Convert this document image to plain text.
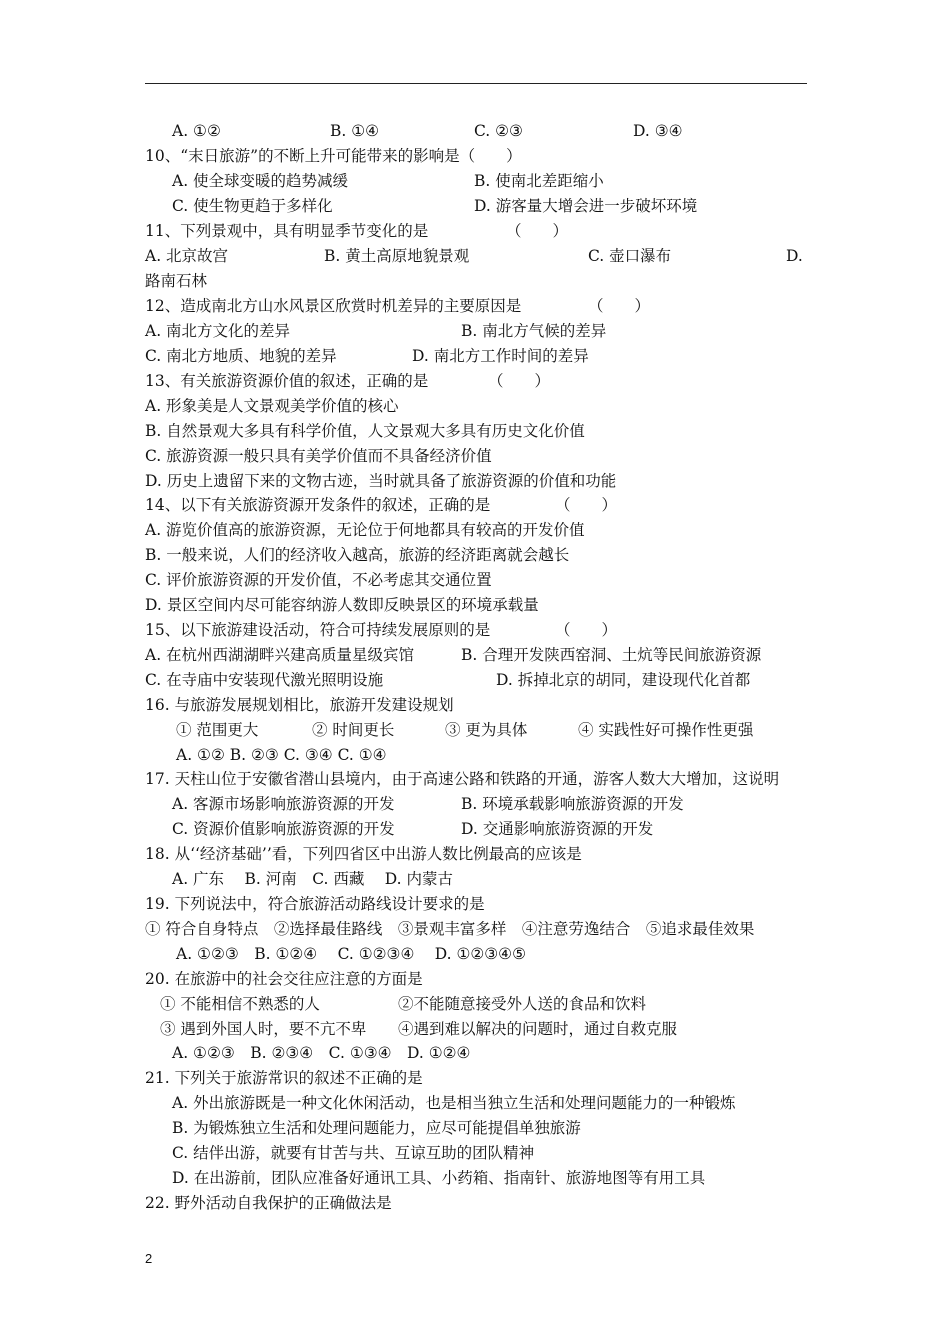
A. ①②	B. ①④	C. ②③	D. ③④
10、“末日旅游”的不断上升可能带来的影响是（　　）
A. 使全球变暖的趋势减缓	B. 使南北差距缩小
C. 使生物更趋于多样化	D. 游客量大增会进一步破坏环境
11、下列景观中，具有明显季节变化的是	（　　）
A. 北京故宫	B. 黄土高原地貌景观	C. 壶口瀑布	D.
路南石林
12、造成南北方山水风景区欣赏时机差异的主要原因是	（　　）
A. 南北方文化的差异	B. 南北方气候的差异
C. 南北方地质、地貌的差异	D. 南北方工作时间的差异
13、有关旅游资源价值的叙述，正确的是	（　　）
A. 形象美是人文景观美学价值的核心
B. 自然景观大多具有科学价值，人文景观大多具有历史文化价值
C. 旅游资源一般只具有美学价值而不具备经济价值
D. 历史上遗留下来的文物古迹，当时就具备了旅游资源的价值和功能
14、以下有关旅游资源开发条件的叙述，正确的是	（　　）
A. 游览价值高的旅游资源，无论位于何地都具有较高的开发价值
B. 一般来说，人们的经济收入越高，旅游的经济距离就会越长
C. 评价旅游资源的开发价值，不必考虑其交通位置
D. 景区空间内尽可能容纳游人数即反映景区的环境承载量
15、以下旅游建设活动，符合可持续发展原则的是	（　　）
A. 在杭州西湖湖畔兴建高质量星级宾馆	B. 合理开发陕西窑洞、土炕等民间旅游资源
C. 在寺庙中安装现代激光照明设施	D. 拆掉北京的胡同，建设现代化首都
16. 与旅游发展规划相比，旅游开发建设规划
① 范围更大	② 时间更长	③ 更为具体	④ 实践性好可操作性更强
A. ①② B. ②③ C. ③④ C. ①④
17. 天柱山位于安徽省潜山县境内，由于高速公路和铁路的开通，游客人数大大增加，这说明
A. 客源市场影响旅游资源的开发	B. 环境承载影响旅游资源的开发
C. 资源价值影响旅游资源的开发	D. 交通影响旅游资源的开发
18. 从‘‘经济基础’’看，下列四省区中出游人数比例最高的应该是
A. 广东　 B. 河南　C. 西藏　 D. 内蒙古
19. 下列说法中，符合旅游活动路线设计要求的是
① 符合自身特点　②选择最佳路线　③景观丰富多样　④注意劳逸结合　⑤追求最佳效果
A. ①②③　B. ①②④　 C. ①②③④　 D. ①②③④⑤
20. 在旅游中的社会交往应注意的方面是
① 不能相信不熟悉的人	②不能随意接受外人送的食品和饮料
③ 遇到外国人时，要不亢不卑 ④遇到难以解决的问题时，通过自救克服
A. ①②③　B. ②③④　C. ①③④　D. ①②④
21. 下列关于旅游常识的叙述不正确的是
A. 外出旅游既是一种文化休闲活动，也是相当独立生活和处理问题能力的一种锻炼
B. 为锻炼独立生活和处理问题能力，应尽可能提倡单独旅游
C. 结伴出游，就要有甘苦与共、互谅互助的团队精神
D. 在出游前，团队应准备好通讯工具、小药箱、指南针、旅游地图等有用工具
22. 野外活动自我保护的正确做法是
2
